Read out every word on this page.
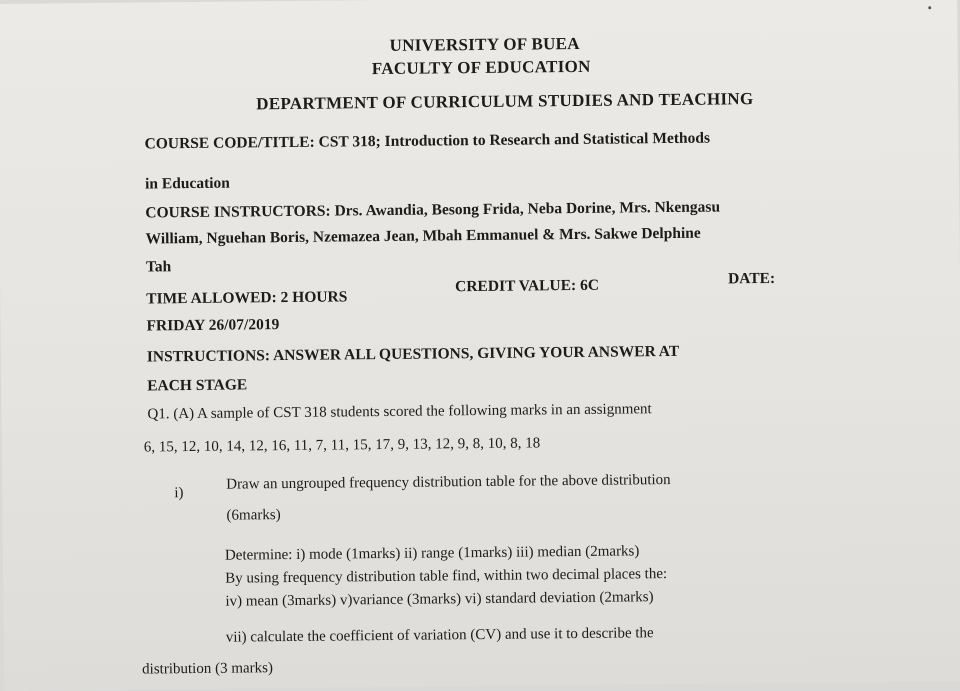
UNIVERSITY OF BUEA
FACULTY OF EDUCATION
DEPARTMENT OF CURRICULUM STUDIES AND TEACHING
COURSE CODE/TITLE: CST 318; Introduction to Research and Statistical Methods
in Education
COURSE INSTRUCTORS: Drs. Awandia, Besong Frida, Neba Dorine, Mrs. Nkengasu
William, Nguehan Boris, Nzemazea Jean, Mbah Emmanuel & Mrs. Sakwe Delphine
Tah
TIME ALLOWED: 2 HOURS
CREDIT VALUE: 6C	DATE:
FRIDAY 26/07/2019
INSTRUCTIONS: ANSWER ALL QUESTIONS, GIVING YOUR ANSWER AT
EACH STAGE
Q1. (A) A sample of CST 318 students scored the following marks in an assignment
6, 15, 12, 10, 14, 12, 16, 11, 7, 11, 15, 17, 9, 13, 12, 9, 8, 10, 8, 18
i)
Draw an ungrouped frequency distribution table for the above distribution
(6marks)
Determine: i) mode (1marks) ii) range (1marks) iii) median (2marks)
By using frequency distribution table find, within two decimal places the:
iv) mean (3marks) v)variance (3marks) vi) standard deviation (2marks)
vii) calculate the coefficient of variation (CV) and use it to describe the
distribution (3 marks)
